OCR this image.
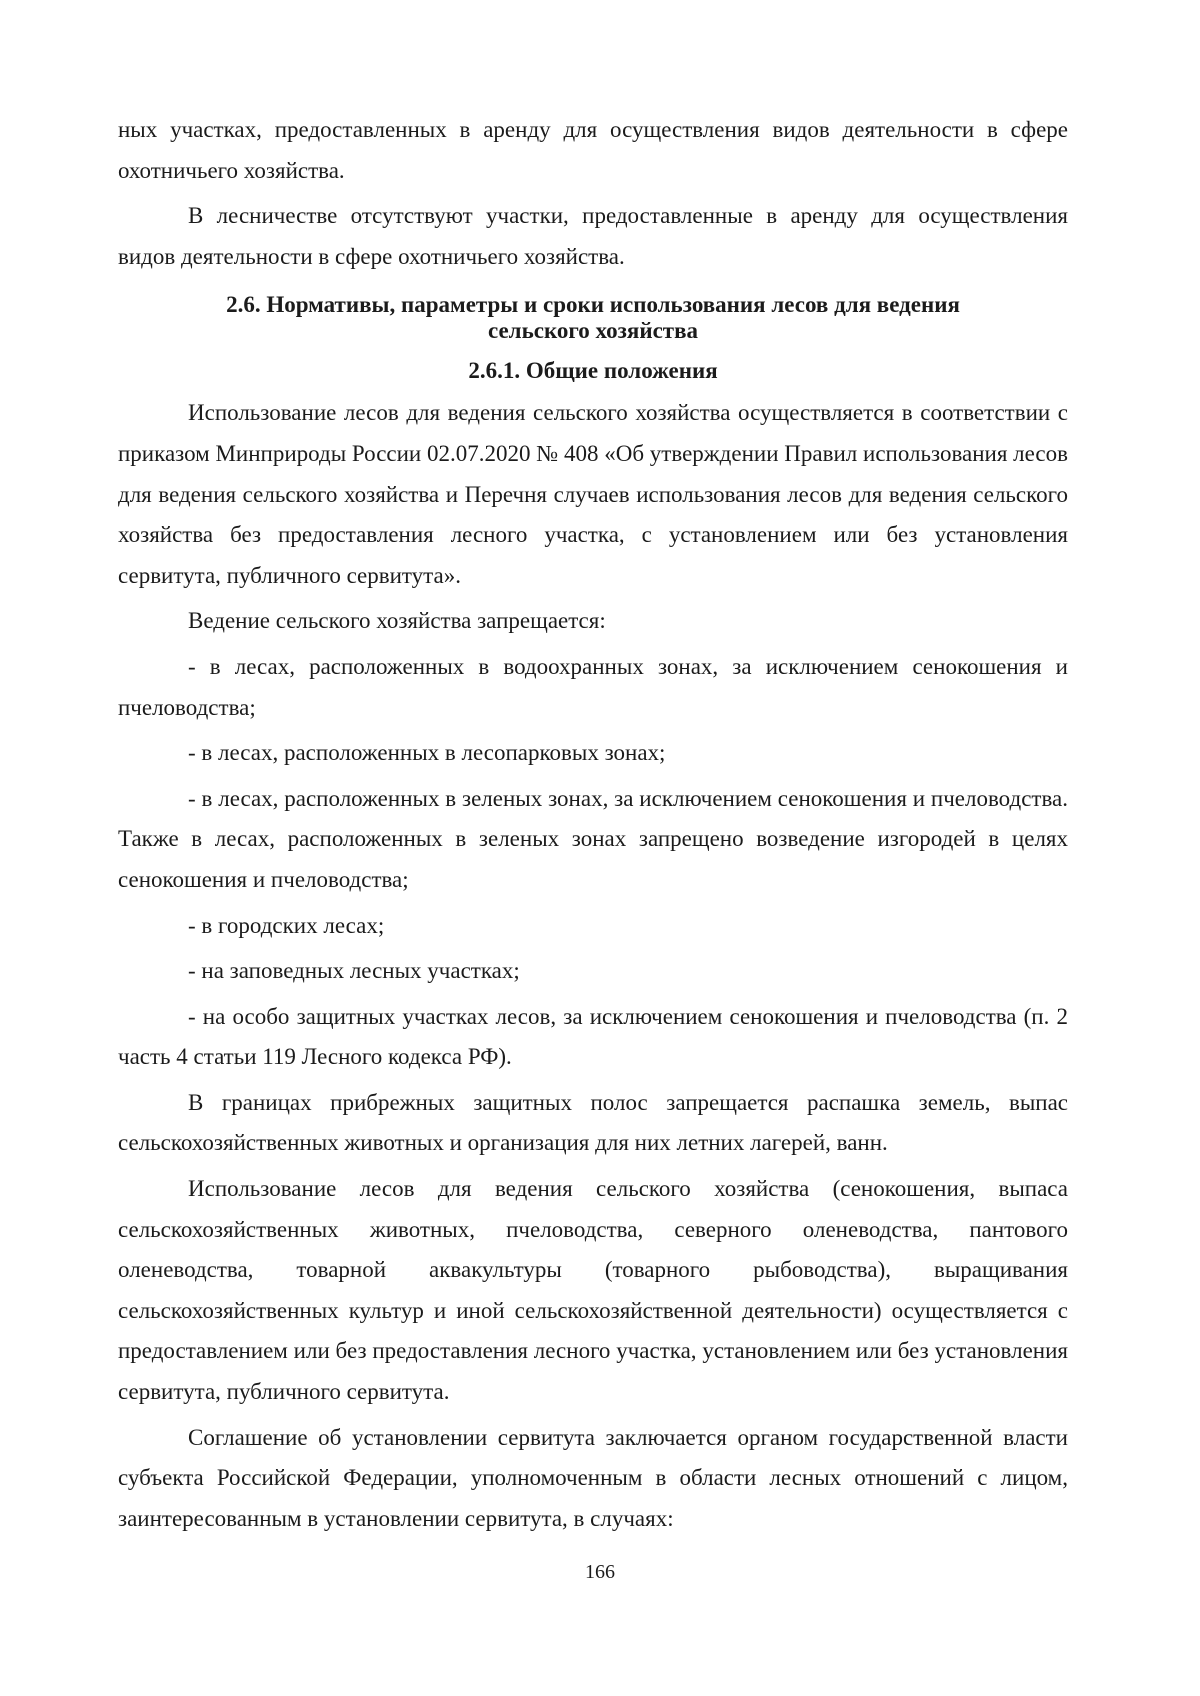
ных участках, предоставленных в аренду для осуществления видов деятельности в сфере охотничьего хозяйства.

В лесничестве отсутствуют участки, предоставленные в аренду для осуществления видов деятельности в сфере охотничьего хозяйства.

2.6. Нормативы, параметры и сроки использования лесов для ведения
сельского хозяйства
2.6.1. Общие положения

Использование лесов для ведения сельского хозяйства осуществляется в соответствии с приказом Минприроды России 02.07.2020 № 408 «Об утверждении Правил использования лесов для ведения сельского хозяйства и Перечня случаев использования лесов для ведения сельского хозяйства без предоставления лесного участка, с установлением или без установления сервитута, публичного сервитута».

Ведение сельского хозяйства запрещается:

- в лесах, расположенных в водоохранных зонах, за исключением сенокошения и пчеловодства;

- в лесах, расположенных в лесопарковых зонах;

- в лесах, расположенных в зеленых зонах, за исключением сенокошения и пчеловодства. Также в лесах, расположенных в зеленых зонах запрещено возведение изгородей в целях сенокошения и пчеловодства;

- в городских лесах;

- на заповедных лесных участках;

- на особо защитных участках лесов, за исключением сенокошения и пчеловодства (п. 2 часть 4 статьи 119 Лесного кодекса РФ).

В границах прибрежных защитных полос запрещается распашка земель, выпас сельскохозяйственных животных и организация для них летних лагерей, ванн.

Использование лесов для ведения сельского хозяйства (сенокошения, выпаса сельскохозяйственных животных, пчеловодства, северного оленеводства, пантового оленеводства, товарной аквакультуры (товарного рыбоводства), выращивания сельскохозяйственных культур и иной сельскохозяйственной деятельности) осуществляется с предоставлением или без предоставления лесного участка, установлением или без установления сервитута, публичного сервитута.

Соглашение об установлении сервитута заключается органом государственной власти субъекта Российской Федерации, уполномоченным в области лесных отношений с лицом, заинтересованным в установлении сервитута, в случаях:

166
